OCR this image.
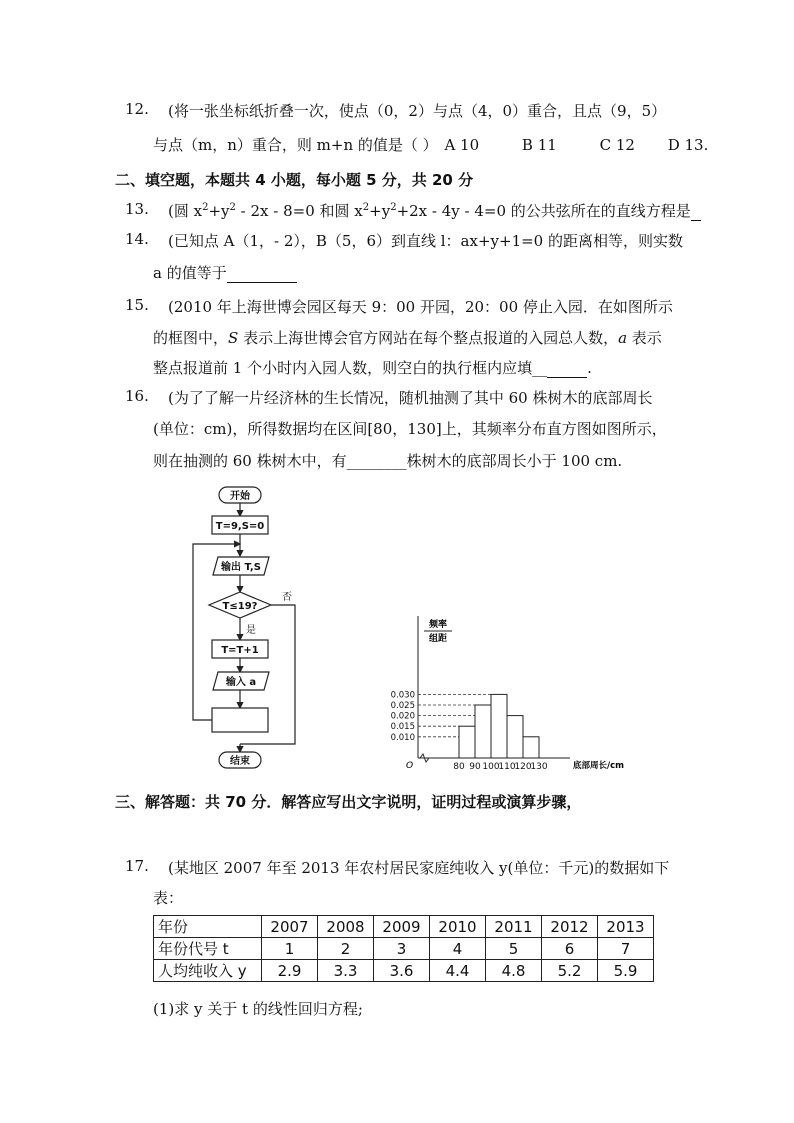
12. (将一张坐标纸折叠一次，使点（0，2）与点（4，0）重合，且点（9，5）
与点（m，n）重合，则 m+n 的值是（ ） A 10	B 11	C 12 D 13.
二、填空题，本题共 4 小题，每小题 5 分，共 20 分
13. (圆 $x^2+y^2 - 2x - 8=0$ 和圆 $x^2+y^2+2x - 4y - 4=0$ 的公共弦所在的直线方程是
14. (已知点 A（1，- 2），B（5，6）到直线 l：ax+y+1=0 的距离相等，则实数
a 的值等于
15. (2010 年上海世博会园区每天 9：00 开园，20：00 停止入园．在如图所示
的框图中，S 表示上海世博会官方网站在每个整点报道的入园总人数，a 表示
整点报道前 1 个小时内入园人数，则空白的执行框内应填__	.
16. (为了了解一片经济林的生长情况，随机抽测了其中 60 株树木的底部周长
(单位：cm)，所得数据均在区间[80，130]上，其频率分布直方图如图所示，
则在抽测的 60 株树木中，有________株树木的底部周长小于 100 cm.
开始
T=9,S=0
输出 T,S
T≤19?
否
是
T=T+1
输入 a
结束
0.030
0.025
0.020
0.015
0.010
80 90 100
110
120
130
频率
组距
O	底部周长/cm
三、解答题：共 70 分．解答应写出文字说明，证明过程或演算步骤，
17. (某地区 2007 年至 2013 年农村居民家庭纯收入 y(单位：千元)的数据如下
表：
年份	2007	2008	2009	2010	2011	2012	2013
年份代号 t	1	2	3	4	5	6	7
人均纯收入 y	2.9	3.3	3.6	4.4	4.8	5.2	5.9
(1)求 y 关于 t 的线性回归方程;
